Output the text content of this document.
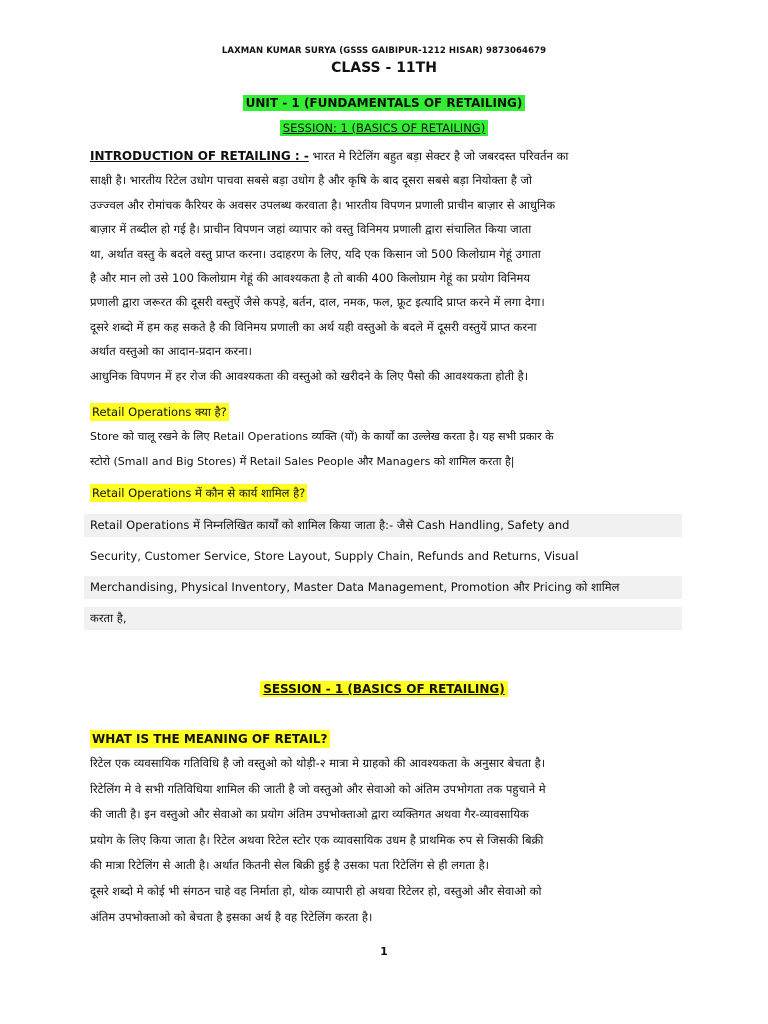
LAXMAN KUMAR SURYA (GSSS GAIBIPUR-1212 HISAR) 9873064679
CLASS - 11TH
UNIT - 1 (FUNDAMENTALS OF RETAILING)
SESSION: 1 (BASICS OF RETAILING)

INTRODUCTION OF RETAILING : - भारत मे रिटेलिंग बहुत बड़ा सेक्टर है जो जबरदस्त परिवर्तन का

साक्षी है। भारतीय रिटेल उधोग पाचवा सबसे बड़ा उधोग है और कृषि के बाद दूसरा सबसे बड़ा नियोक्ता है जो

उज्ज्वल और रोमांचक कैरियर के अवसर उपलब्ध करवाता है। भारतीय विपणन प्रणाली प्राचीन बाज़ार से आधुनिक

बाज़ार में तब्दील हो गई है। प्राचीन विपणन जहां व्यापार को वस्तु विनिमय प्रणाली द्वारा संचालित किया जाता

था, अर्थात वस्तु के बदले वस्तु प्राप्त करना। उदाहरण के लिए, यदि एक किसान जो 500 किलोग्राम गेहूं उगाता

है और मान लो उसे 100 किलोग्राम गेहूं की आवश्यकता है तो बाकी 400 किलोग्राम गेहूं का प्रयोग विनिमय

प्रणाली द्वारा जरूरत की दूसरी वस्तुऐं जैसे कपड़े, बर्तन, दाल, नमक, फल, फ्रूट इत्यादि प्राप्त करने में लगा देगा।

दूसरे शब्दो में हम कह सकते है की विनिमय प्रणाली का अर्थ यही वस्तुओ के बदले में दूसरी वस्तुयें प्राप्त करना

अर्थात वस्तुओ का आदान-प्रदान करना।

आधुनिक विपणन में हर रोज की आवश्यकता की वस्तुओ को खरीदने के लिए पैसो की आवश्यकता होती है।

Retail Operations क्या है?

Store को चालू रखने के लिए Retail Operations व्यक्ति (यों) के कार्यों का उल्लेख करता है। यह सभी प्रकार के

स्टोरो (Small and Big Stores) में Retail Sales People और Managers को शामिल करता है|

Retail Operations में कौन से कार्य शामिल है?
Retail Operations में निम्नलिखित कार्यों को शामिल किया जाता है:- जैसे Cash Handling, Safety and
Security, Customer Service, Store Layout, Supply Chain, Refunds and Returns, Visual
Merchandising, Physical Inventory, Master Data Management, Promotion और Pricing को शामिल
करता है,
SESSION - 1 (BASICS OF RETAILING)
WHAT IS THE MEANING OF RETAIL?

रिटेल एक व्यवसायिक गतिविधि है जो वस्तुओ को थोड़ी-२ मात्रा मे ग्राहको की आवश्यकता के अनुसार बेचता है।

रिटेलिंग मे वे सभी गतिविधिया शामिल की जाती है जो वस्तुओ और सेवाओ को अंतिम उपभोगता तक पहुचाने मे

की जाती है। इन वस्तुओ और सेवाओ का प्रयोग अंतिम उपभोक्ताओ द्वारा व्यक्तिगत अथवा गैर-व्यावसायिक

प्रयोग के लिए किया जाता है। रिटेल अथवा रिटेल स्टोर एक व्यावसायिक उधम है प्राथमिक रुप से जिसकी बिक्री

की मात्रा रिटेलिंग से आती है। अर्थात कितनी सेल बिक्री हुई है उसका पता रिटेलिंग से ही लगता है।

दूसरे शब्दो मे कोई भी संगठन चाहे वह निर्माता हो, थोक व्यापारी हो अथवा रिटेलर हो, वस्तुओ और सेवाओ को

अंतिम उपभोक्ताओ को बेचता है इसका अर्थ है वह रिटेलिंग करता है।

1
